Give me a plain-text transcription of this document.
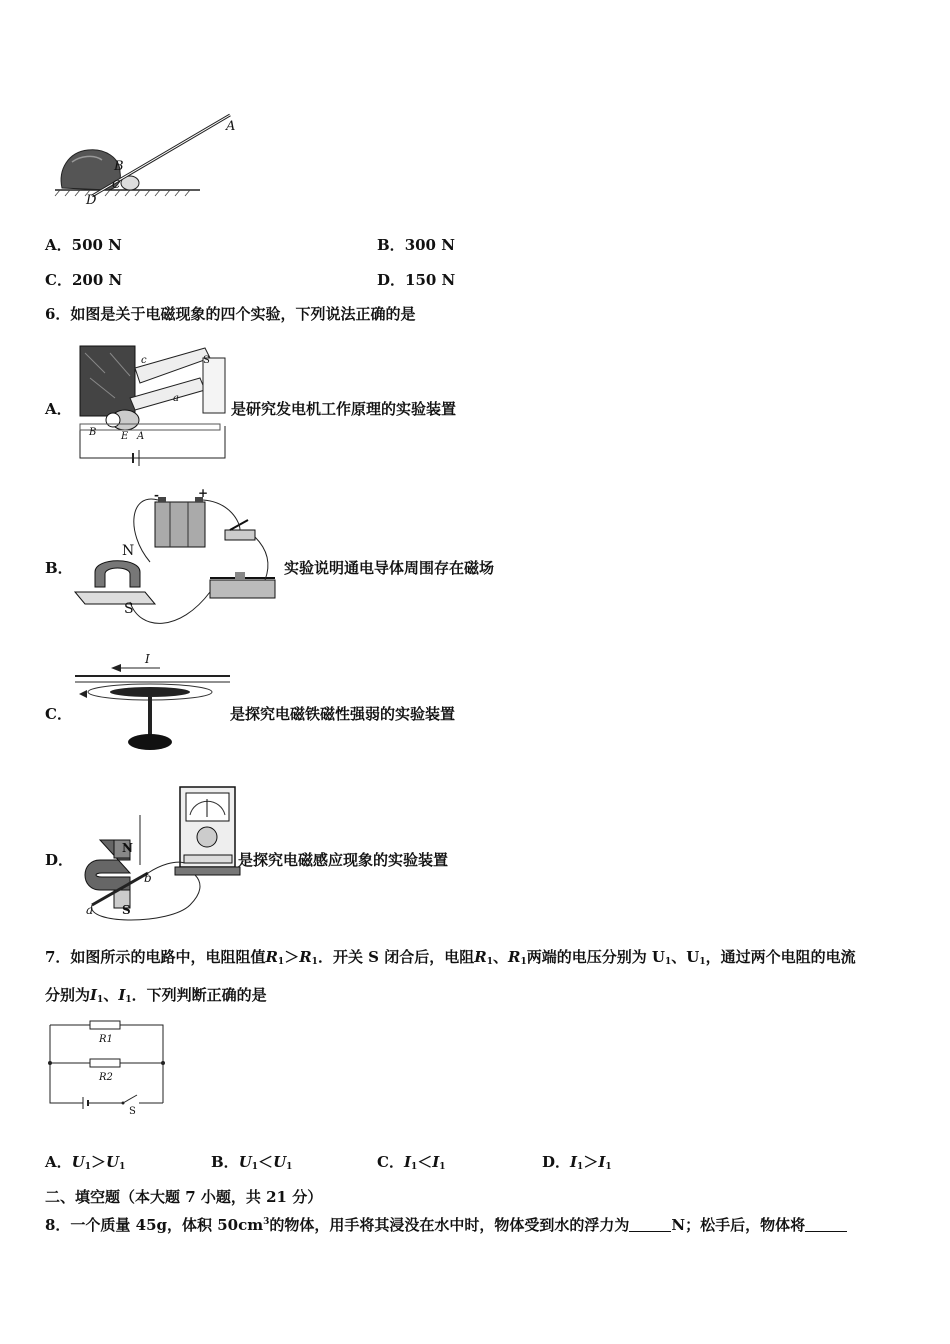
A
B
C
D
A．500 N	B．300 N
C．200 N	D．150 N
6．如图是关于电磁现象的四个实验，下列说法正确的是
A．
B E A
S
a
c
是研究发电机工作原理的实验装置
B．
N
S
-	+
实验说明通电导体周围存在磁场
C．
I
是探究电磁铁磁性强弱的实验装置
D．
N
S
a
b
是探究电磁感应现象的实验装置
7．如图所示的电路中，电阻阻值$R_1>R_1$．开关 S 闭合后，电阻$R_1$、$R_1$两端的电压分别为 $U_1$、$U_1$，通过两个电阻的电流
分别为$I_1$、$I_1$．下列判断正确的是
R1
R2
S
A．$U_1>U_1$	B．$U_1<U_1$	C．$I_1<I_1$	D．$I_1>I_1$
二、填空题（本大题 7 小题，共 21 分）
8．一个质量 45g，体积 $50cm^3$的物体，用手将其浸没在水中时，物体受到水的浮力为	N；松手后，物体将
